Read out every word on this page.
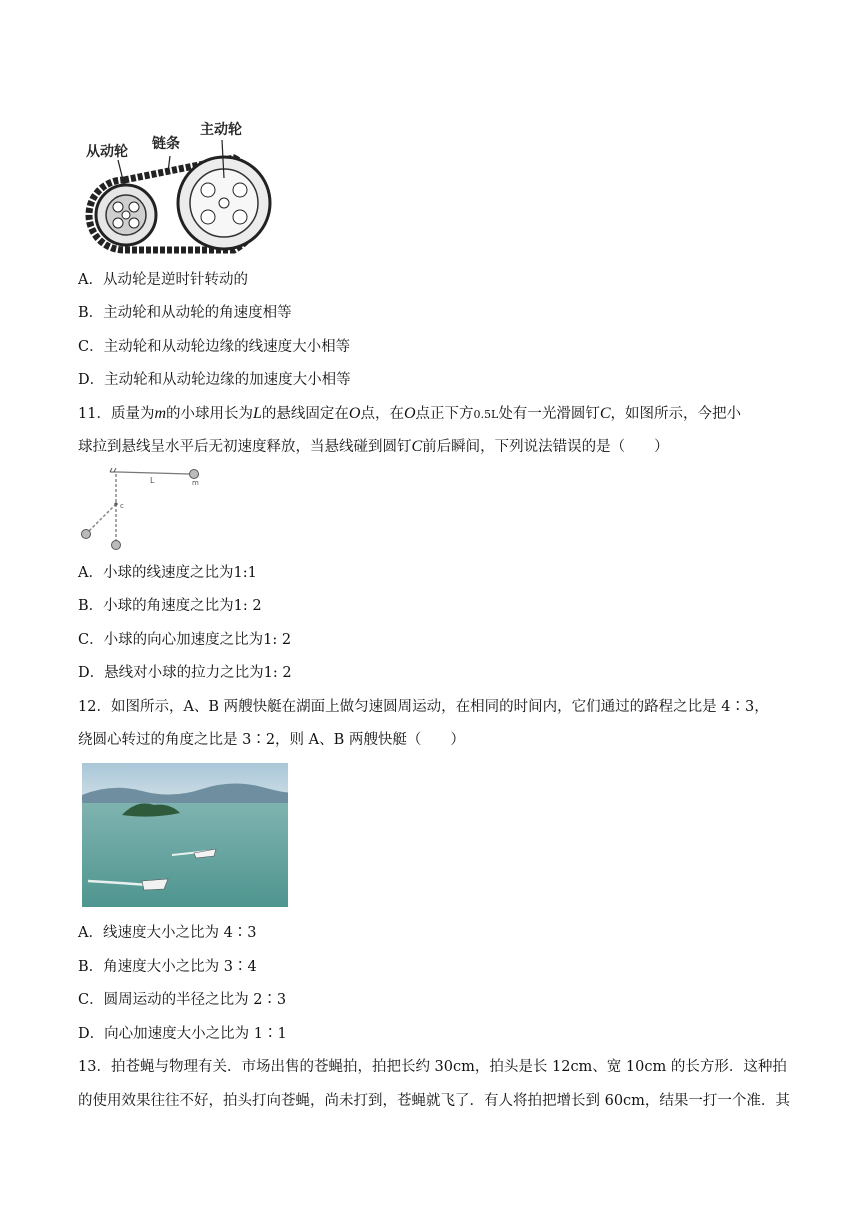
从动轮 链条
主动轮
A．从动轮是逆时针转动的
B．主动轮和从动轮的角速度相等
C．主动轮和从动轮边缘的线速度大小相等
D．主动轮和从动轮边缘的加速度大小相等
11．质量为m的小球用长为L的悬线固定在O点，在O点正下方0.5L处有一光滑圆钉C，如图所示，今把小
球拉到悬线呈水平后无初速度释放，当悬线碰到圆钉C前后瞬间，下列说法错误的是（　　）
L	m
c
A．小球的线速度之比为1:1
B．小球的角速度之比为1: 2
C．小球的向心加速度之比为1: 2
D．悬线对小球的拉力之比为1: 2
12．如图所示，A、B 两艘快艇在湖面上做匀速圆周运动，在相同的时间内，它们通过的路程之比是 4∶3，
绕圆心转过的角度之比是 3∶2，则 A、B 两艘快艇（　　）
A．线速度大小之比为 4∶3
B．角速度大小之比为 3∶4
C．圆周运动的半径之比为 2∶3
D．向心加速度大小之比为 1∶1
13．拍苍蝇与物理有关．市场出售的苍蝇拍，拍把长约 30cm，拍头是长 12cm、宽 10cm 的长方形．这种拍
的使用效果往往不好，拍头打向苍蝇，尚未打到，苍蝇就飞了．有人将拍把增长到 60cm，结果一打一个准．其
